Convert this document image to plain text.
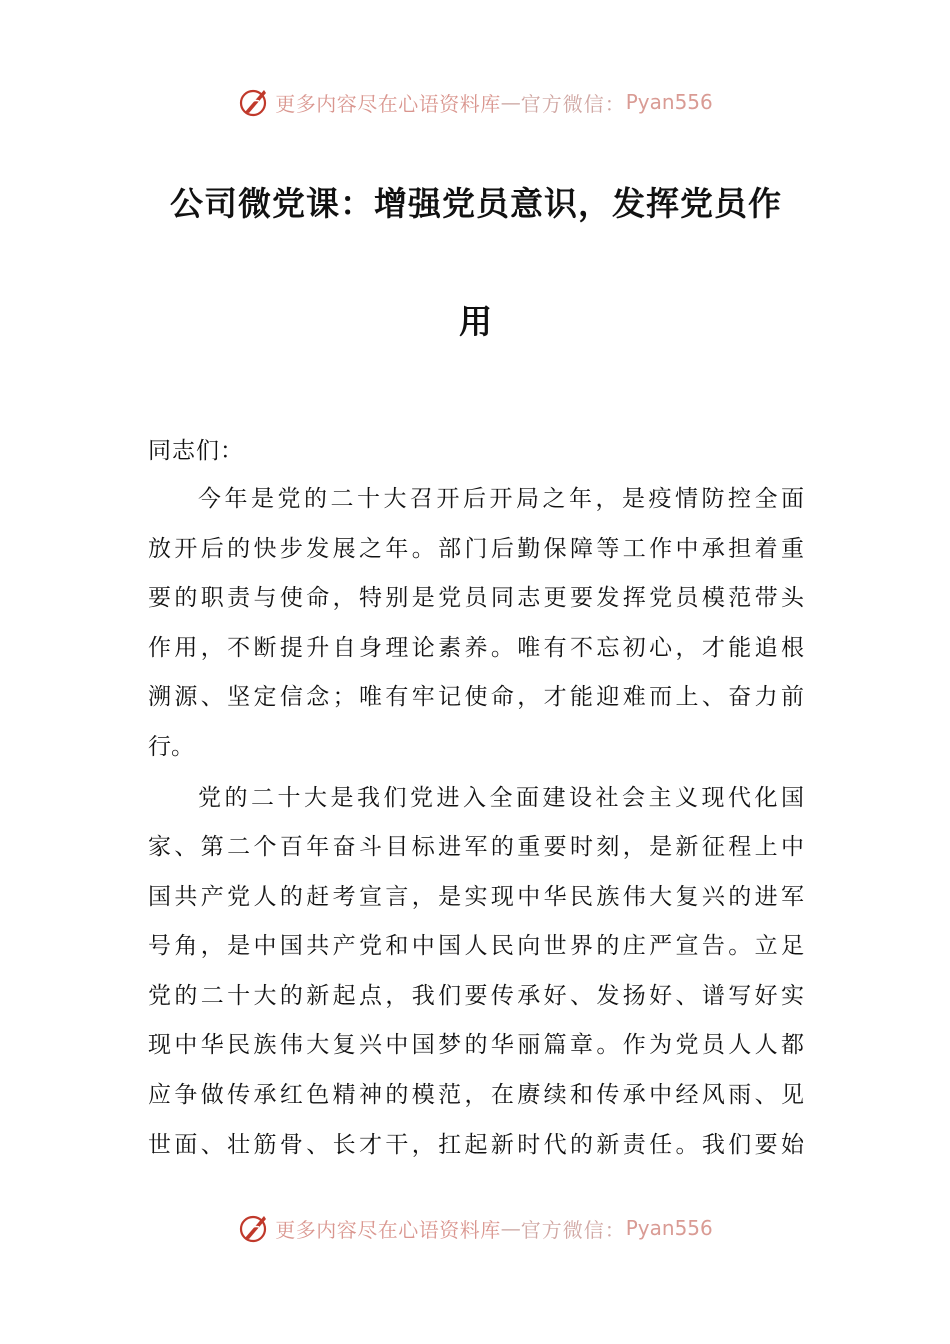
更多内容尽在心语资料库 — 官方微信： Pyan556
公司微党课：增强党员意识，发挥党员作
用
同志们：
今年是党的二十大召开后开局之年，是疫情防控全面
放开后的快步发展之年。部门后勤保障等工作中承担着重
要的职责与使命，特别是党员同志更要发挥党员模范带头
作用，不断提升自身理论素养。唯有不忘初心，才能追根
溯源、坚定信念；唯有牢记使命，才能迎难而上、奋力前
行。
党的二十大是我们党进入全面建设社会主义现代化国
家、第二个百年奋斗目标进军的重要时刻，是新征程上中
国共产党人的赶考宣言，是实现中华民族伟大复兴的进军
号角，是中国共产党和中国人民向世界的庄严宣告。立足
党的二十大的新起点，我们要传承好、发扬好、谱写好实
现中华民族伟大复兴中国梦的华丽篇章。作为党员人人都
应争做传承红色精神的模范，在赓续和传承中经风雨、见
世面、壮筋骨、长才干，扛起新时代的新责任。我们要始
更多内容尽在心语资料库 — 官方微信： Pyan556
